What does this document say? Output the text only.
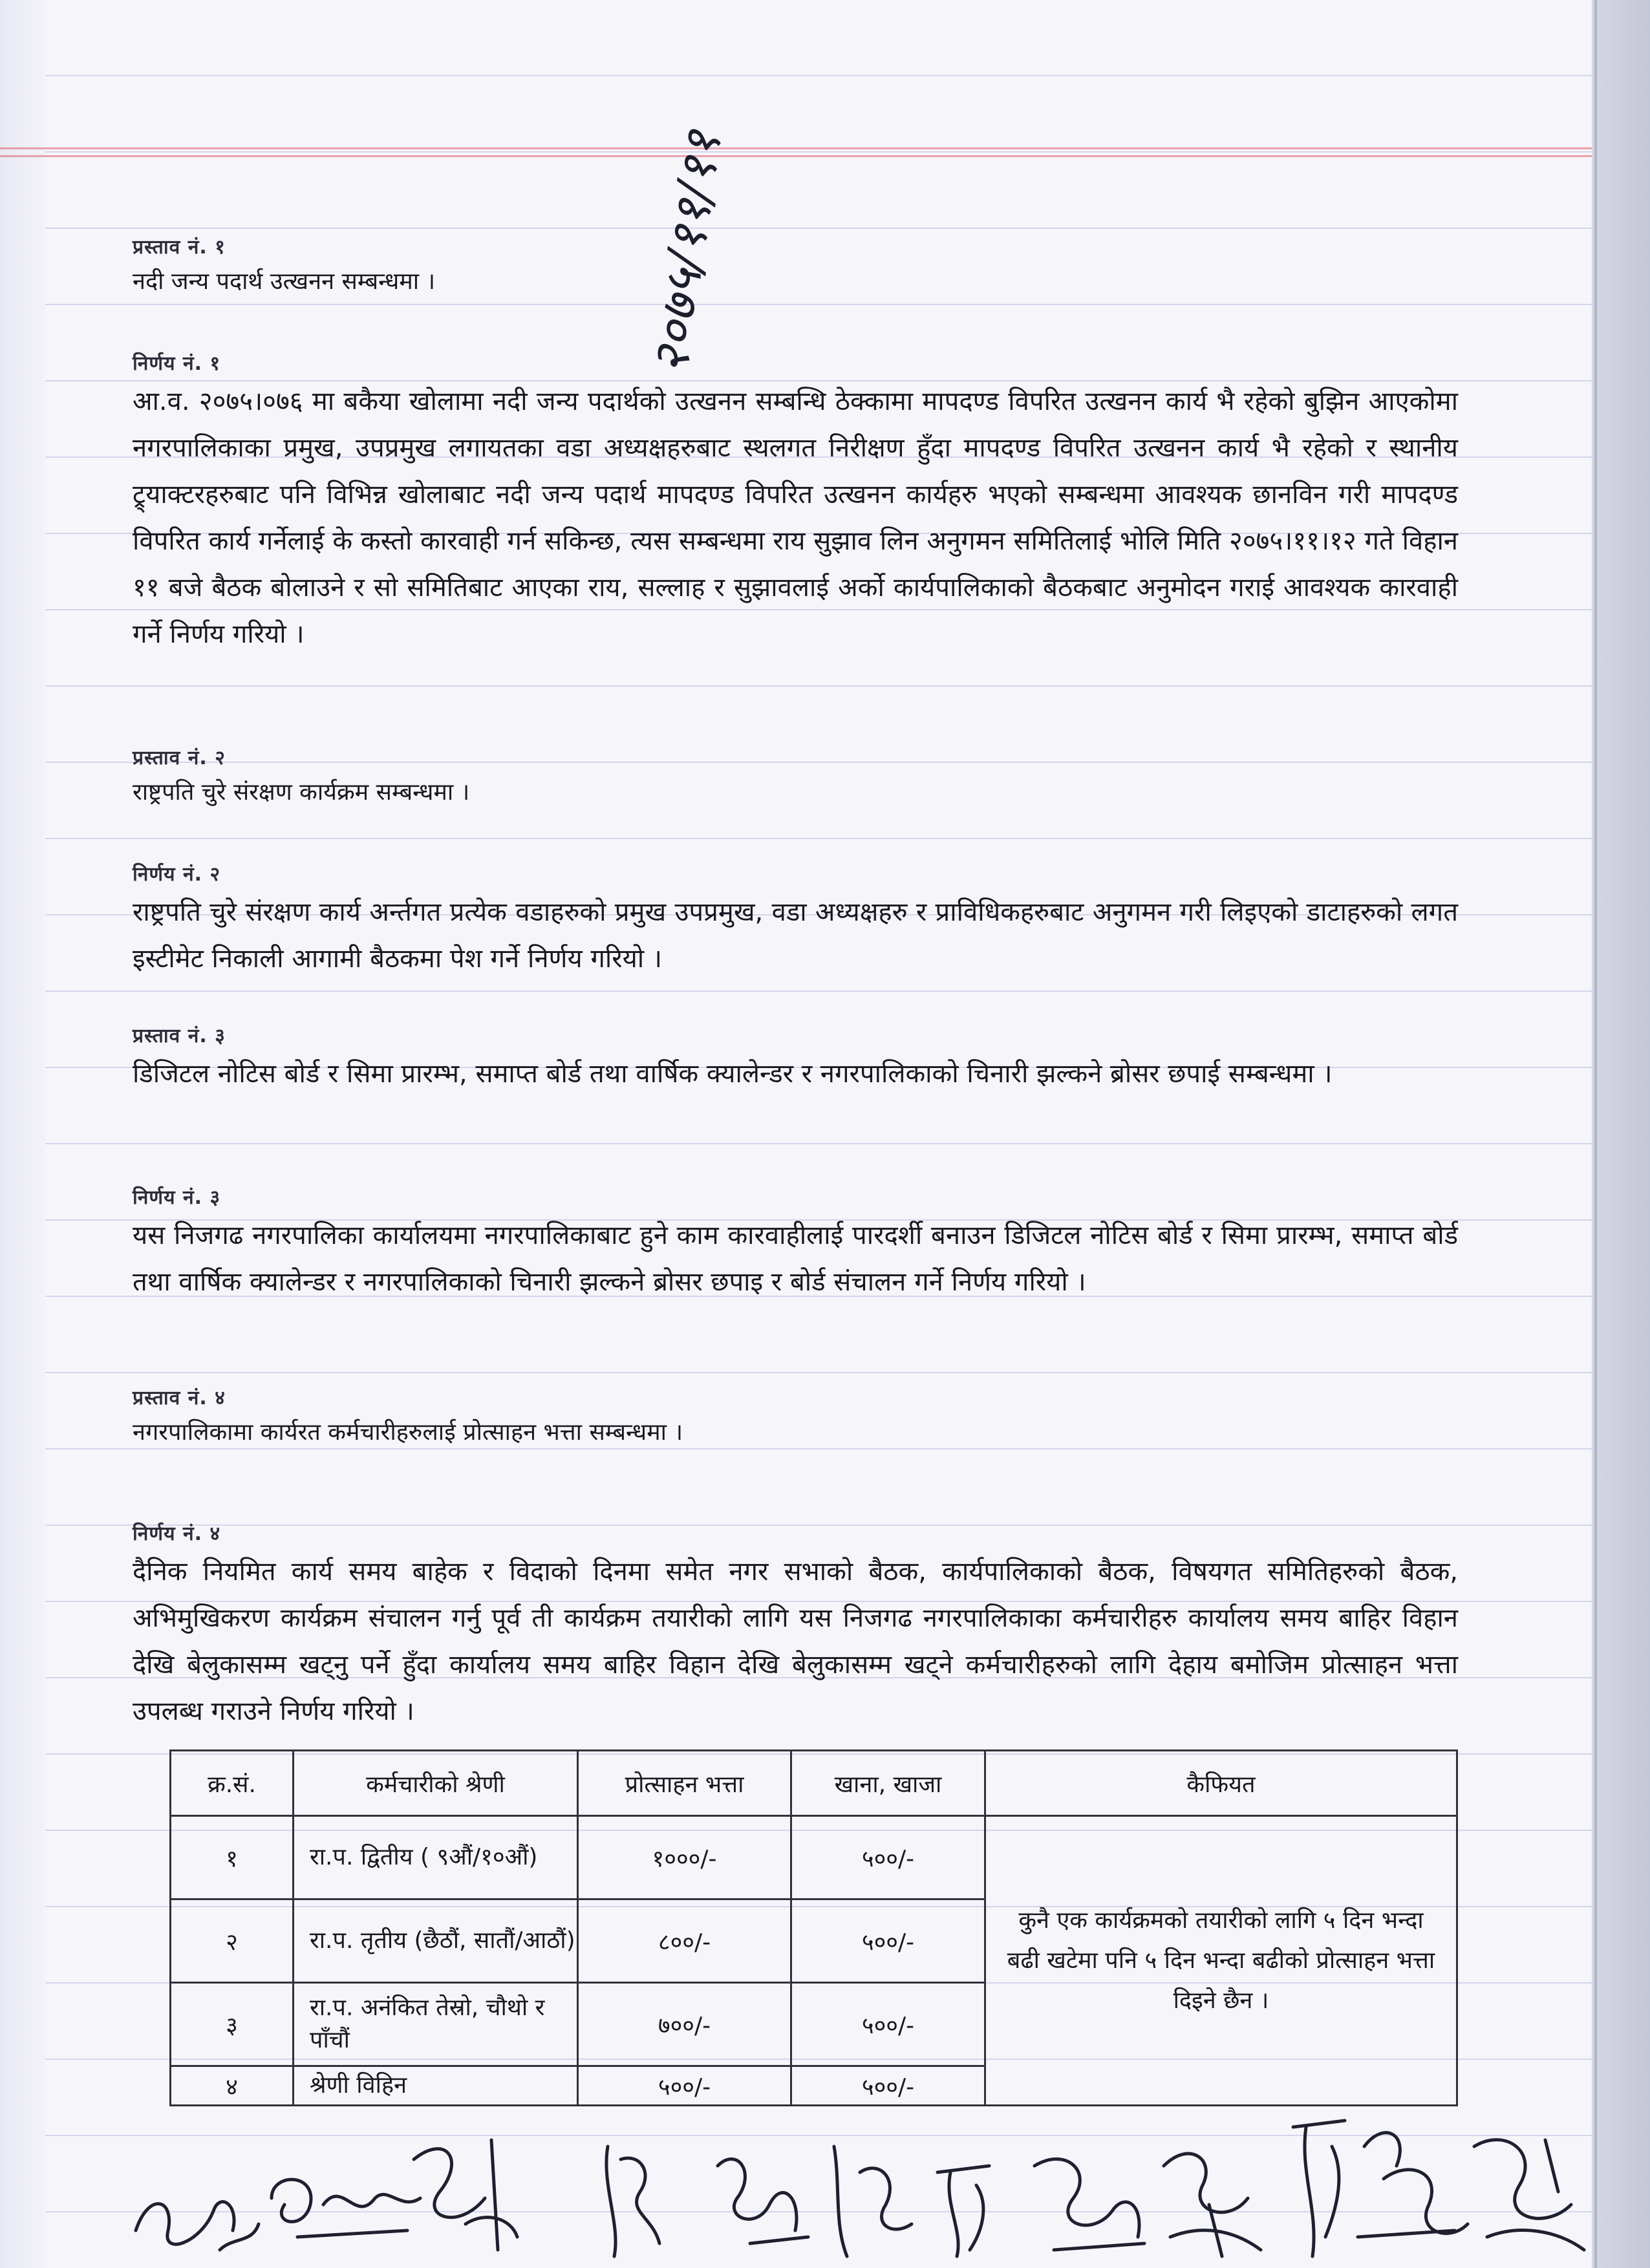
२०७५/११/११
प्रस्ताव नं. १
नदी जन्य पदार्थ उत्खनन सम्बन्धमा ।
निर्णय नं. १
आ.व. २०७५।०७६ मा बकैया खोलामा नदी जन्य पदार्थको उत्खनन सम्बन्धि ठेक्कामा मापदण्ड विपरित उत्खनन कार्य भै रहेको बुझिन आएकोमा नगरपालिकाका प्रमुख, उपप्रमुख लगायतका वडा अध्यक्षहरुबाट स्थलगत निरीक्षण हुँदा मापदण्ड विपरित उत्खनन कार्य भै रहेको र स्थानीय ट्र्याक्टरहरुबाट पनि विभिन्न खोलाबाट नदी जन्य पदार्थ मापदण्ड विपरित उत्खनन कार्यहरु भएको सम्बन्धमा आवश्यक छानविन गरी मापदण्ड विपरित कार्य गर्नेलाई के कस्तो कारवाही गर्न सकिन्छ, त्यस सम्बन्धमा राय सुझाव लिन अनुगमन समितिलाई भोलि मिति २०७५।११।१२ गते विहान ११ बजे बैठक बोलाउने र सो समितिबाट आएका राय, सल्लाह र सुझावलाई अर्को कार्यपालिकाको बैठकबाट अनुमोदन गराई आवश्यक कारवाही गर्ने निर्णय गरियो ।
प्रस्ताव नं. २
राष्ट्रपति चुरे संरक्षण कार्यक्रम सम्बन्धमा ।
निर्णय नं. २
राष्ट्रपति चुरे संरक्षण कार्य अर्न्तगत प्रत्येक वडाहरुको प्रमुख उपप्रमुख, वडा अध्यक्षहरु र प्राविधिकहरुबाट अनुगमन गरी लिइएको डाटाहरुको लगत इस्टीमेट निकाली आगामी बैठकमा पेश गर्ने निर्णय गरियो ।
प्रस्ताव नं. ३
डिजिटल नोटिस बोर्ड र सिमा प्रारम्भ, समाप्त बोर्ड तथा वार्षिक क्यालेन्डर र नगरपालिकाको चिनारी झल्कने ब्रोसर छपाई सम्बन्धमा ।
निर्णय नं. ३
यस निजगढ नगरपालिका कार्यालयमा नगरपालिकाबाट हुने काम कारवाहीलाई पारदर्शी बनाउन डिजिटल नोटिस बोर्ड र सिमा प्रारम्भ, समाप्त बोर्ड तथा वार्षिक क्यालेन्डर र नगरपालिकाको चिनारी झल्कने ब्रोसर छपाइ र बोर्ड संचालन गर्ने निर्णय गरियो ।
प्रस्ताव नं. ४
नगरपालिकामा कार्यरत कर्मचारीहरुलाई प्रोत्साहन भत्ता सम्बन्धमा ।
निर्णय नं. ४
दैनिक नियमित कार्य समय बाहेक र विदाको दिनमा समेत नगर सभाको बैठक, कार्यपालिकाको बैठक, विषयगत समितिहरुको बैठक, अभिमुखिकरण कार्यक्रम संचालन गर्नु पूर्व ती कार्यक्रम तयारीको लागि यस निजगढ नगरपालिकाका कर्मचारीहरु कार्यालय समय बाहिर विहान देखि बेलुकासम्म खट्नु पर्ने हुँदा कार्यालय समय बाहिर विहान देखि बेलुकासम्म खट्ने कर्मचारीहरुको लागि देहाय बमोजिम प्रोत्साहन भत्ता उपलब्ध गराउने निर्णय गरियो ।
क्र.सं.	कर्मचारीको श्रेणी	प्रोत्साहन भत्ता	खाना, खाजा	कैफियत
१	रा.प. द्वितीय ( ९औं/१०औं)	१०००/-	५००/-	कुनै एक कार्यक्रमको तयारीको लागि ५ दिन भन्दा बढी खटेमा पनि ५ दिन भन्दा बढीको प्रोत्साहन भत्ता दिइने छैन ।
२	रा.प. तृतीय (छैठौं, सातौं/आठौं)	८००/-	५००/-	
३	रा.प. अनंकित तेस्रो, चौथो र पाँचौं	७००/-	५००/-	
४	श्रेणी विहिन	५००/-	५००/-	
